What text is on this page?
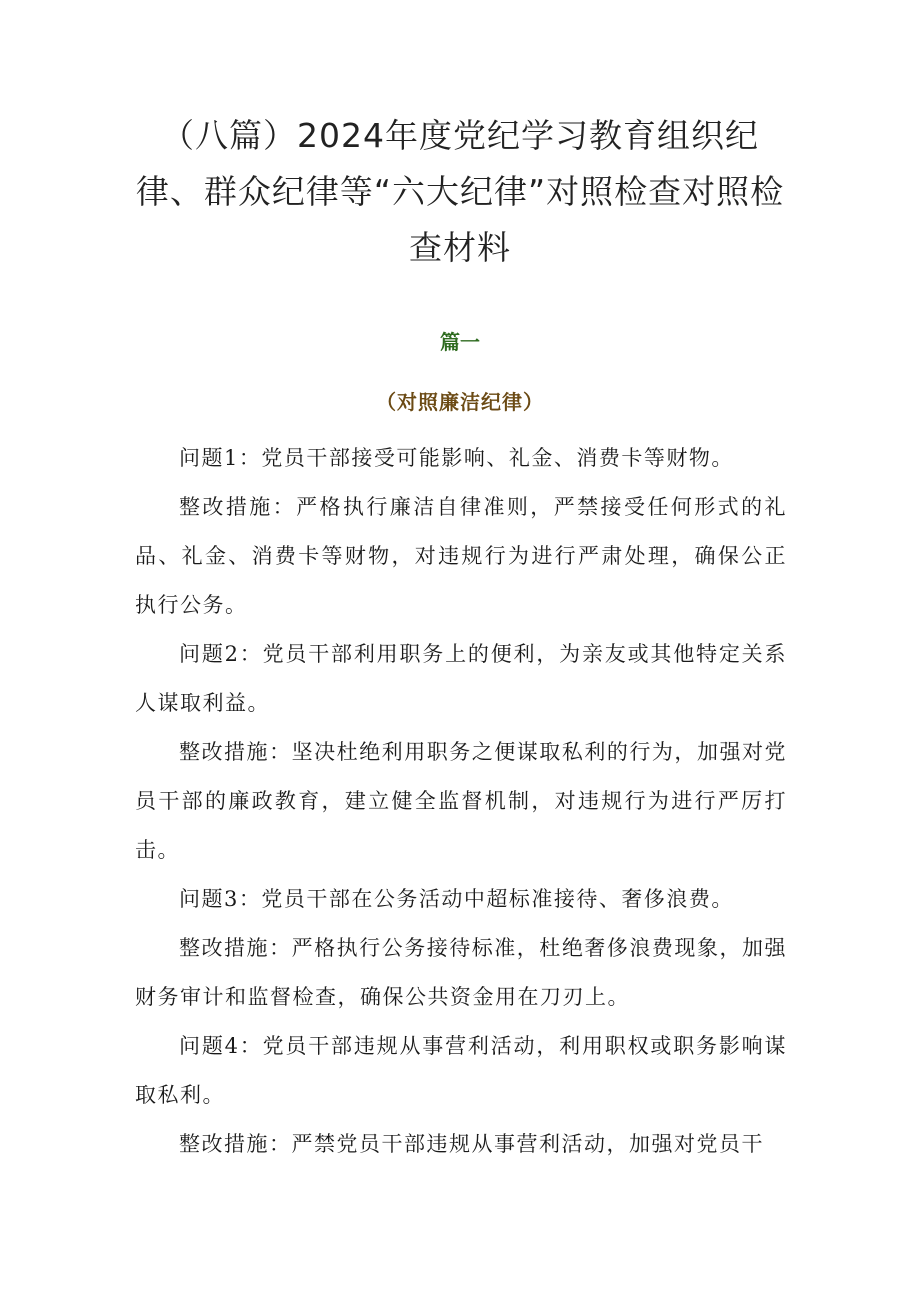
（八篇）2024年度党纪学习教育组织纪律、群众纪律等“六大纪律”对照检查对照检查材料
篇一
（对照廉洁纪律）

问题1：党员干部接受可能影响、礼金、消费卡等财物。

整改措施：严格执行廉洁自律准则，严禁接受任何形式的礼品、礼金、消费卡等财物，对违规行为进行严肃处理，确保公正执行公务。

问题2：党员干部利用职务上的便利，为亲友或其他特定关系人谋取利益。

整改措施：坚决杜绝利用职务之便谋取私利的行为，加强对党员干部的廉政教育，建立健全监督机制，对违规行为进行严厉打击。

问题3：党员干部在公务活动中超标准接待、奢侈浪费。

整改措施：严格执行公务接待标准，杜绝奢侈浪费现象，加强财务审计和监督检查，确保公共资金用在刀刃上。

问题4：党员干部违规从事营利活动，利用职权或职务影响谋取私利。

整改措施：严禁党员干部违规从事营利活动，加强对党员干
